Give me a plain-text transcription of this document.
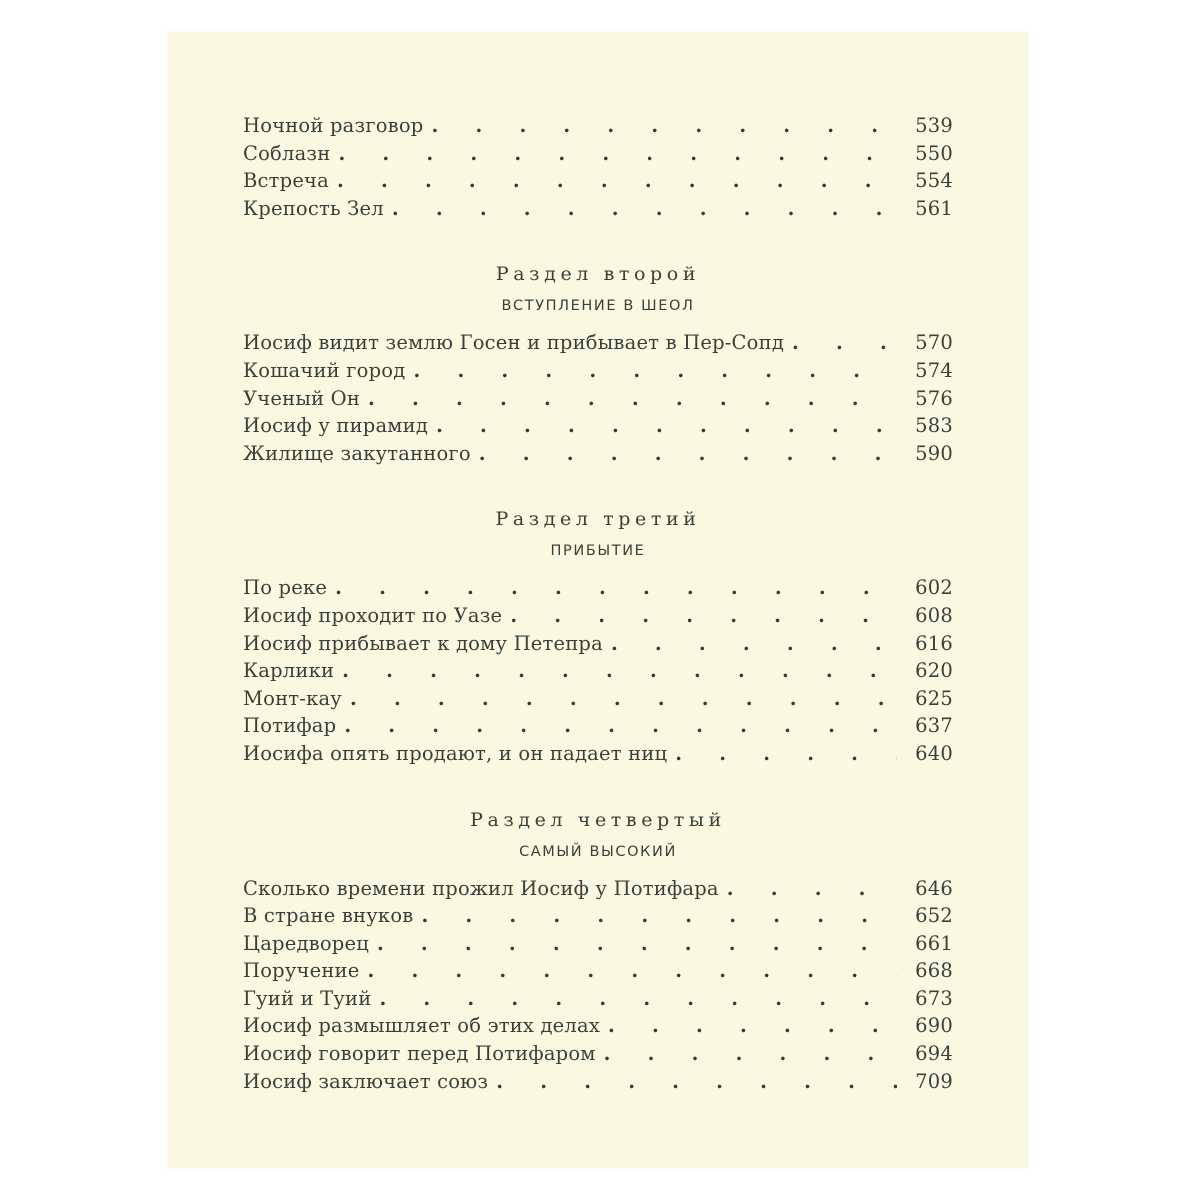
Ночной разговор . . .	539
Соблазн . . .	550
Встреча . . .	554
Крепость Зел . . .	561
Раздел второй
ВСТУПЛЕНИЕ В ШЕОЛ
Иосиф видит землю Госен и прибывает в Пер-Сопд . . .	570
Кошачий город . . .	574
Ученый Он . . .	576
Иосиф у пирамид . . .	583
Жилище закутанного . . .	590
Раздел третий
ПРИБЫТИЕ
По реке . . .	602
Иосиф проходит по Уазе . . .	608
Иосиф прибывает к дому Петепра . . .	616
Карлики . . .	620
Монт-кау . . .	625
Потифар . . .	637
Иосифа опять продают, и он падает ниц . . .	640
Раздел четвертый
САМЫЙ ВЫСОКИЙ
Сколько времени прожил Иосиф у Потифара . . .	646
В стране внуков . . .	652
Царедворец . . .	661
Поручение . . .	668
Гуий и Туий . . .	673
Иосиф размышляет об этих делах . . .	690
Иосиф говорит перед Потифаром . . .	694
Иосиф заключает союз . . .	709
